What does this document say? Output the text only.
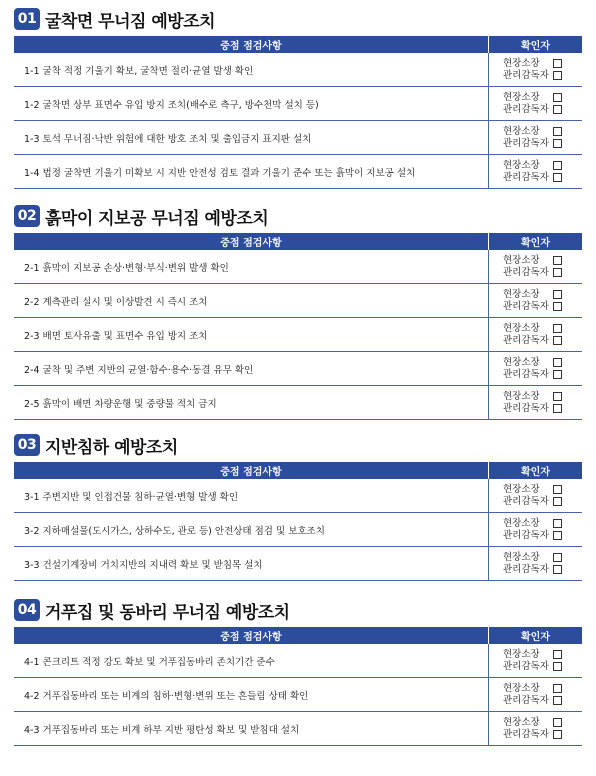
01 굴착면 무너짐 예방조치
중점 점검사항	확인자
1-1 굴착 적정 기울기 확보, 굴착면 절리·균열 발생 확인	현장소장
관리감독자

1-2 굴착면 상부 표면수 유입 방지 조치(배수로 측구, 방수천막 설치 등)	현장소장
관리감독자

1-3 토석 무너짐·낙반 위험에 대한 방호 조치 및 출입금지 표지판 설치	현장소장
관리감독자

1-4 법정 굴착면 기울기 미확보 시 지반 안전성 검토 결과 기울기 준수 또는 흙막이 지보공 설치	현장소장
관리감독자
02 흙막이 지보공 무너짐 예방조치
중점 점검사항	확인자
2-1 흙막이 지보공 손상·변형·부식·변위 발생 확인	현장소장
관리감독자

2-2 계측관리 실시 및 이상발견 시 즉시 조치	현장소장
관리감독자

2-3 배면 토사유출 및 표면수 유입 방지 조치	현장소장
관리감독자

2-4 굴착 및 주변 지반의 균열·함수·용수·동결 유무 확인	현장소장
관리감독자

2-5 흙막이 배면 차량운행 및 중량물 적치 금지	현장소장
관리감독자
03 지반침하 예방조치
중점 점검사항	확인자
3-1 주변지반 및 인접건물 침하·균열·변형 발생 확인	현장소장
관리감독자

3-2 지하매설물(도시가스, 상하수도, 관로 등) 안전상태 점검 및 보호조치	현장소장
관리감독자

3-3 건설기계장비 거치지반의 지내력 확보 및 받침목 설치	현장소장
관리감독자
04 거푸집 및 동바리 무너짐 예방조치
중점 점검사항	확인자
4-1 콘크리트 적정 강도 확보 및 거푸집동바리 존치기간 준수	현장소장
관리감독자

4-2 거푸집동바리 또는 비계의 침하·변형·변위 또는 흔들림 상태 확인	현장소장
관리감독자

4-3 거푸집동바리 또는 비계 하부 지반 평탄성 확보 및 받침대 설치	현장소장
관리감독자
